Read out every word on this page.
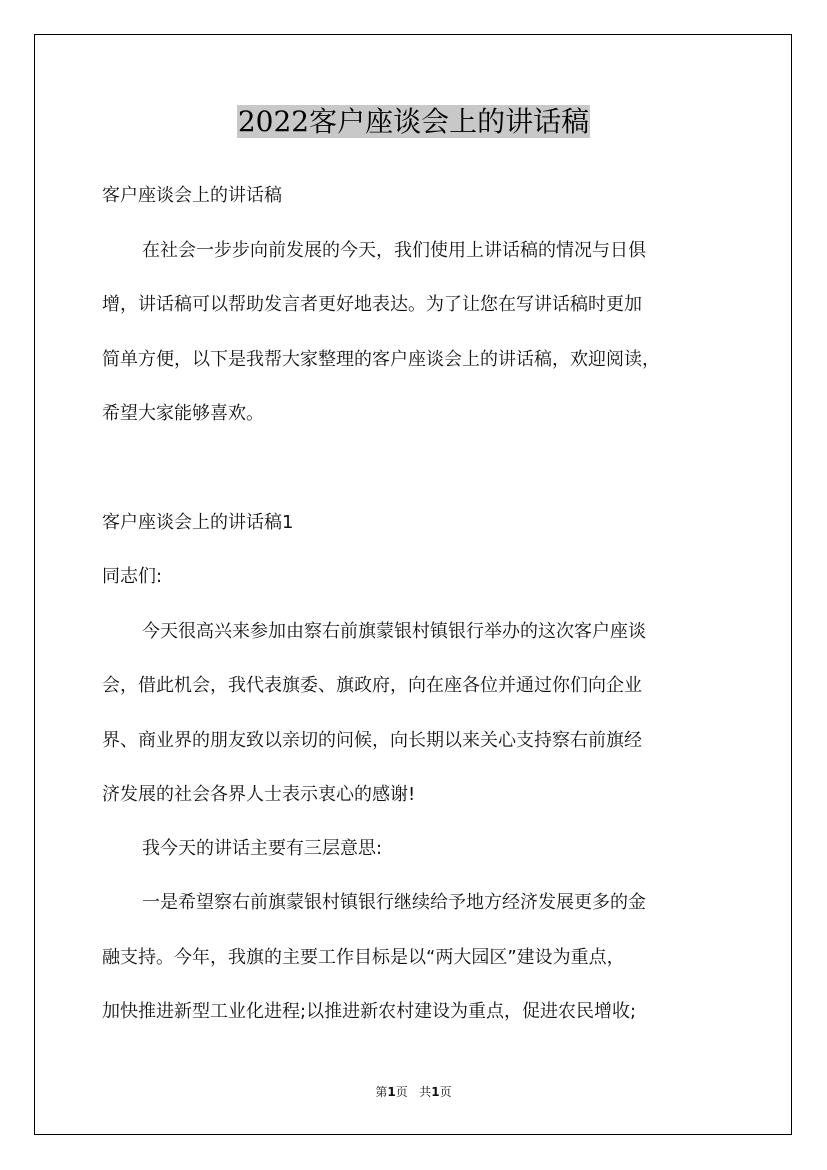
2022客户座谈会上的讲话稿
客户座谈会上的讲话稿
在社会一步步向前发展的今天，我们使用上讲话稿的情况与日俱
增，讲话稿可以帮助发言者更好地表达。为了让您在写讲话稿时更加
简单方便，以下是我帮大家整理的客户座谈会上的讲话稿，欢迎阅读，
希望大家能够喜欢。
客户座谈会上的讲话稿1
同志们:
今天很高兴来参加由察右前旗蒙银村镇银行举办的这次客户座谈
会，借此机会，我代表旗委、旗政府，向在座各位并通过你们向企业
界、商业界的朋友致以亲切的问候，向长期以来关心支持察右前旗经
济发展的社会各界人士表示衷心的感谢!
我今天的讲话主要有三层意思:
一是希望察右前旗蒙银村镇银行继续给予地方经济发展更多的金
融支持。今年，我旗的主要工作目标是以“两大园区”建设为重点，
加快推进新型工业化进程;以推进新农村建设为重点，促进农民增收;
第1页 共1页
